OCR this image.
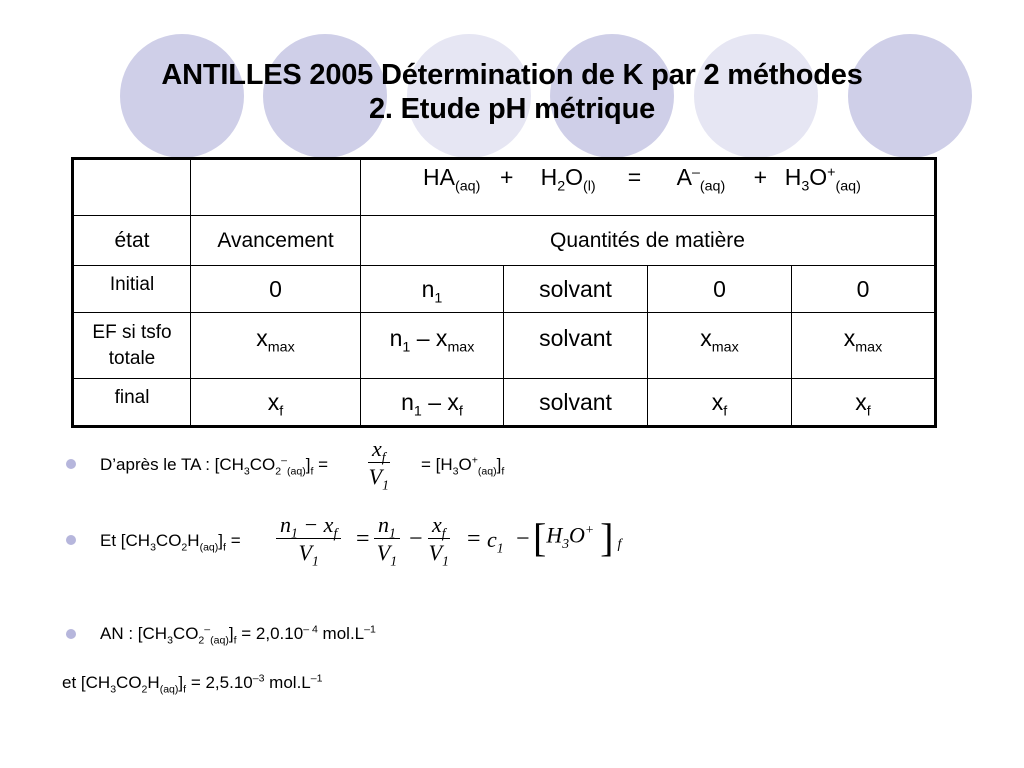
ANTILLES 2005 Détermination de K par 2 méthodes
2. Etude pH métrique
		$HA_{(aq)} + H_2O_{(l)} = A^-_{(aq)} + H_3O^+_{(aq)}$
état	Avancement	Quantités de matière			
Initial	0	$n_1$	solvant	0	0

EF si tsfo
totale	$x_{max}$	$n_1 - x_{max}$	solvant	$x_{max}$	$x_{max}$
final	$x_f$	$n_1 - x_f$	solvant	$x_f$	$x_f$
D’après le TA : $[CH_3CO_2^-_{(aq)}]_f = \frac{x_f}{V_1} = [H_3O^+_{(aq)}]_f$
Et $[CH_3CO_2H_{(aq)}]_f = \frac{n_1 - x_f}{V_1} = \frac{n_1}{V_1} - \frac{x_f}{V_1} = c_1 - [H_3O^+$ ] $_f$
AN : $[CH_3CO_2^-_{(aq)}]_f = 2,0.10^{- 4}$ $mol.L^{-1}$
et $[CH_3CO_2H_{(aq)}]_f = 2,5.10^{-3}$ $mol.L^{-1}$
